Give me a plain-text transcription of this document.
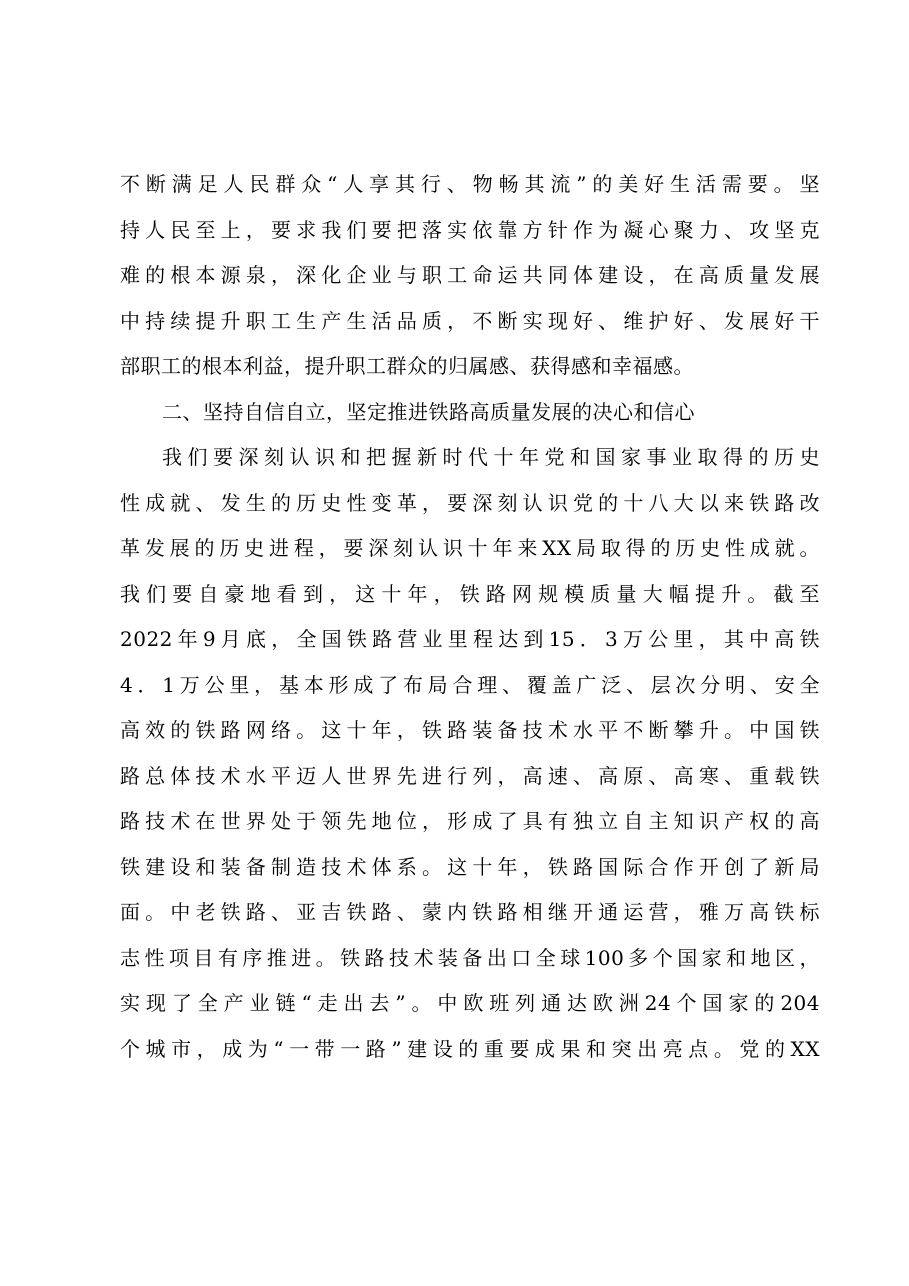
不断满足人民群众“人享其行、物畅其流”的美好生活需要。坚
持人民至上，要求我们要把落实依靠方针作为凝心聚力、攻坚克
难的根本源泉，深化企业与职工命运共同体建设，在高质量发展
中持续提升职工生产生活品质，不断实现好、维护好、发展好干
部职工的根本利益，提升职工群众的归属感、获得感和幸福感。
二、坚持自信自立，坚定推进铁路高质量发展的决心和信心
我们要深刻认识和把握新时代十年党和国家事业取得的历史
性成就、发生的历史性变革，要深刻认识党的十八大以来铁路改
革发展的历史进程，要深刻认识十年来XX局取得的历史性成就。
我们要自豪地看到，这十年，铁路网规模质量大幅提升。截至
2022年9月底，全国铁路营业里程达到15．3万公里，其中高铁
4．1万公里，基本形成了布局合理、覆盖广泛、层次分明、安全
高效的铁路网络。这十年，铁路装备技术水平不断攀升。中国铁
路总体技术水平迈人世界先进行列，高速、高原、高寒、重载铁
路技术在世界处于领先地位，形成了具有独立自主知识产权的高
铁建设和装备制造技术体系。这十年，铁路国际合作开创了新局
面。中老铁路、亚吉铁路、蒙内铁路相继开通运营，雅万高铁标
志性项目有序推进。铁路技术装备出口全球100多个国家和地区，
实现了全产业链“走出去”。中欧班列通达欧洲24个国家的204
个城市，成为“一带一路”建设的重要成果和突出亮点。党的XX
